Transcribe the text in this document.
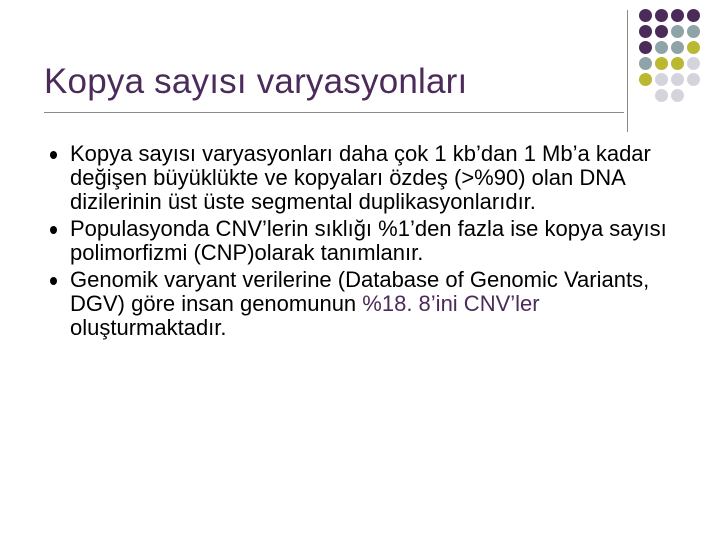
Kopya sayısı varyasyonları
Kopya sayısı varyasyonları daha çok 1 kb’dan 1 Mb’a kadar değişen büyüklükte ve kopyaları özdeş (>%90) olan DNA dizilerinin üst üste segmental duplikasyonlarıdır.
Populasyonda CNV’lerin sıklığı %1’den fazla ise kopya sayısı polimorfizmi (CNP)olarak tanımlanır.
Genomik varyant verilerine (Database of Genomic Variants, DGV) göre insan genomunun %18. 8’ini CNV’ler oluşturmaktadır.
